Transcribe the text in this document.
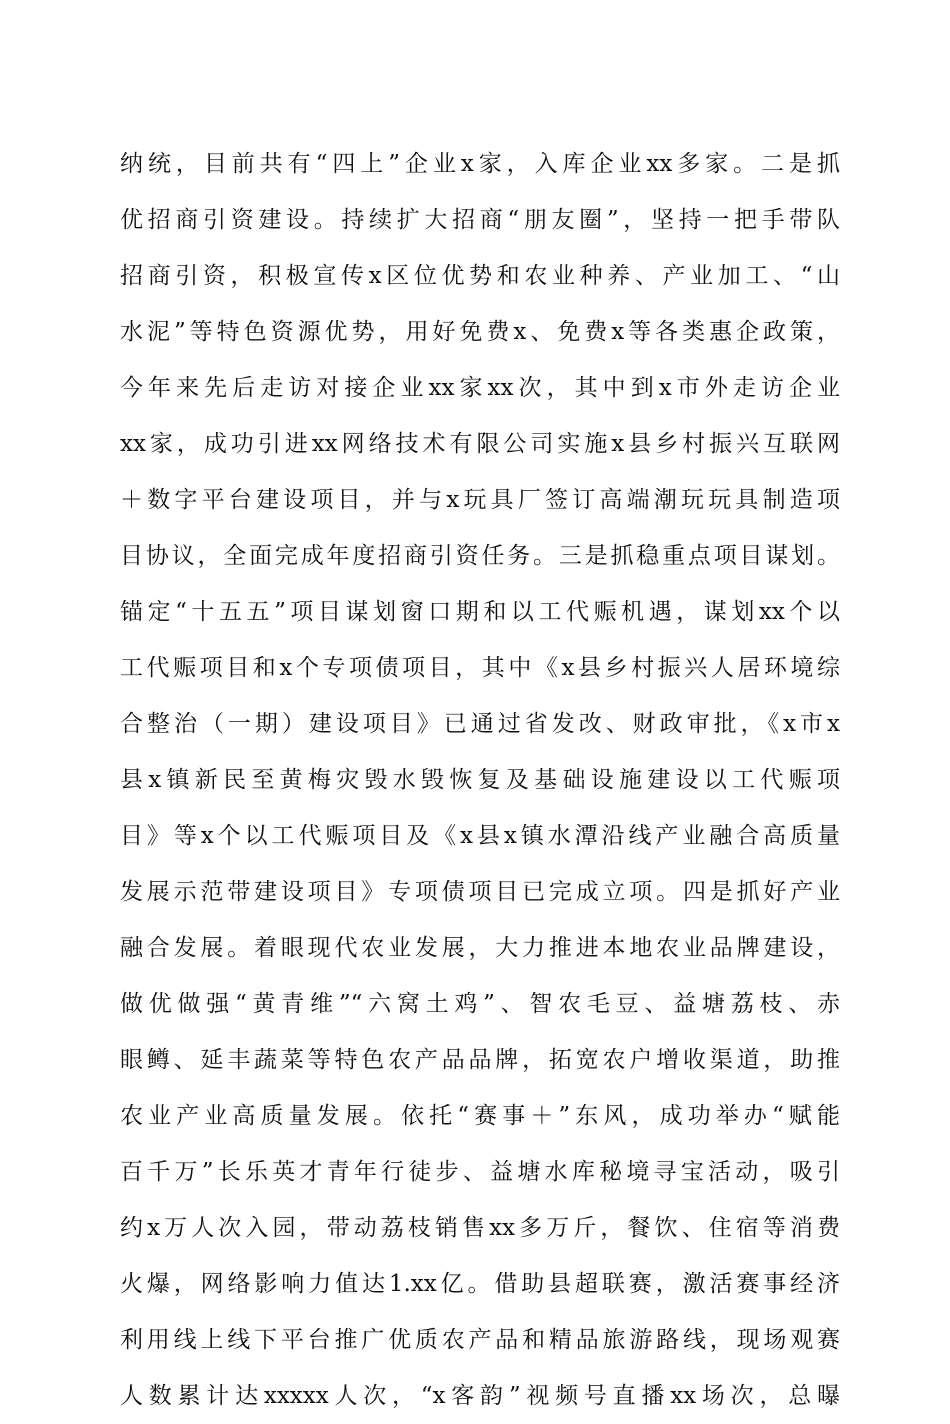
纳统，目前共有“四上”企业x家，入库企业xx多家。二是抓
优招商引资建设。持续扩大招商“朋友圈”，坚持一把手带队
招商引资，积极宣传x区位优势和农业种养、产业加工、“山
水泥”等特色资源优势，用好免费x、免费x等各类惠企政策，
今年来先后走访对接企业xx家xx次，其中到x市外走访企业
xx家，成功引进xx网络技术有限公司实施x县乡村振兴互联网
＋数字平台建设项目，并与x玩具厂签订高端潮玩玩具制造项
目协议，全面完成年度招商引资任务。三是抓稳重点项目谋划。
锚定“十五五”项目谋划窗口期和以工代赈机遇，谋划xx个以
工代赈项目和x个专项债项目，其中《x县乡村振兴人居环境综
合整治（一期）建设项目》已通过省发改、财政审批，《x市x
县x镇新民至黄梅灾毁水毁恢复及基础设施建设以工代赈项
目》等x个以工代赈项目及《x县x镇水潭沿线产业融合高质量
发展示范带建设项目》专项债项目已完成立项。四是抓好产业
融合发展。着眼现代农业发展，大力推进本地农业品牌建设，
做优做强“黄青维”“六窝土鸡”、智农毛豆、益塘荔枝、赤
眼鳟、延丰蔬菜等特色农产品品牌，拓宽农户增收渠道，助推
农业产业高质量发展。依托“赛事＋”东风，成功举办“赋能
百千万”长乐英才青年行徒步、益塘水库秘境寻宝活动，吸引
约x万人次入园，带动荔枝销售xx多万斤，餐饮、住宿等消费
火爆，网络影响力值达1.xx亿。借助县超联赛，激活赛事经济
利用线上线下平台推广优质农产品和精品旅游路线，现场观赛
人数累计达xxxxx人次，“x客韵”视频号直播xx场次，总曝
